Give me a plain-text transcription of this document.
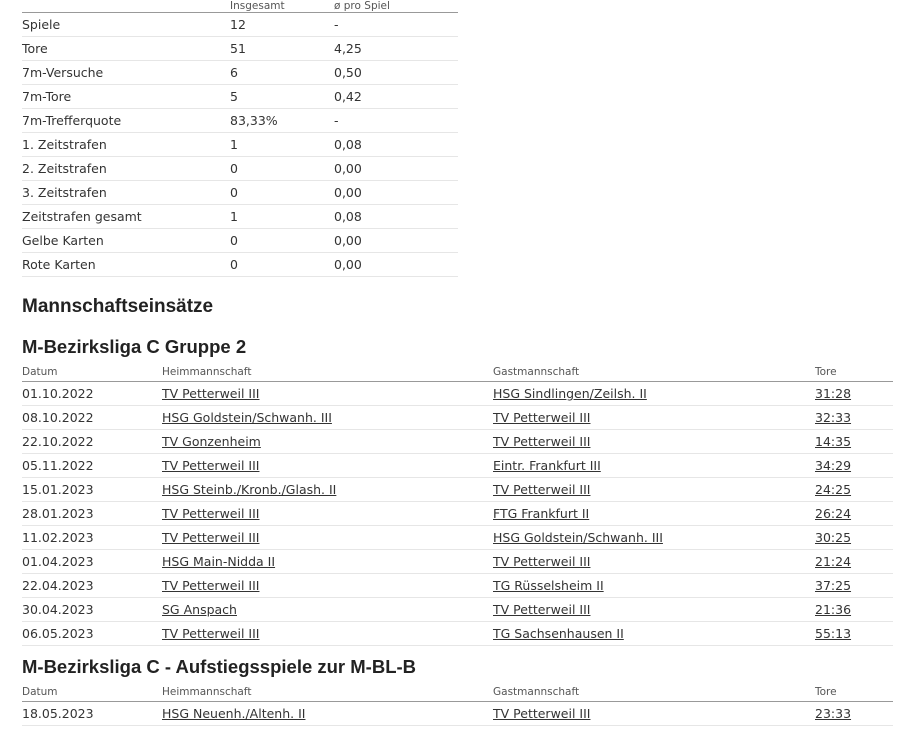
	Insgesamt	ø pro Spiel
Spiele	12	-
Tore	51	4,25
7m-Versuche	6	0,50
7m-Tore	5	0,42
7m-Trefferquote	83,33%	-
1. Zeitstrafen	1	0,08
2. Zeitstrafen	0	0,00
3. Zeitstrafen	0	0,00
Zeitstrafen gesamt	1	0,08
Gelbe Karten	0	0,00
Rote Karten	0	0,00
Mannschaftseinsätze
M-Bezirksliga C Gruppe 2
Datum	Heimmannschaft	Gastmannschaft	Tore
01.10.2022	TV Petterweil III	HSG Sindlingen/Zeilsh. II	31:28
08.10.2022	HSG Goldstein/Schwanh. III	TV Petterweil III	32:33
22.10.2022	TV Gonzenheim	TV Petterweil III	14:35
05.11.2022	TV Petterweil III	Eintr. Frankfurt III	34:29
15.01.2023	HSG Steinb./Kronb./Glash. II	TV Petterweil III	24:25
28.01.2023	TV Petterweil III	FTG Frankfurt II	26:24
11.02.2023	TV Petterweil III	HSG Goldstein/Schwanh. III	30:25
01.04.2023	HSG Main-Nidda II	TV Petterweil III	21:24
22.04.2023	TV Petterweil III	TG Rüsselsheim II	37:25
30.04.2023	SG Anspach	TV Petterweil III	21:36
06.05.2023	TV Petterweil III	TG Sachsenhausen II	55:13
M-Bezirksliga C - Aufstiegsspiele zur M-BL-B
Datum	Heimmannschaft	Gastmannschaft	Tore
18.05.2023	HSG Neuenh./Altenh. II	TV Petterweil III	23:33
